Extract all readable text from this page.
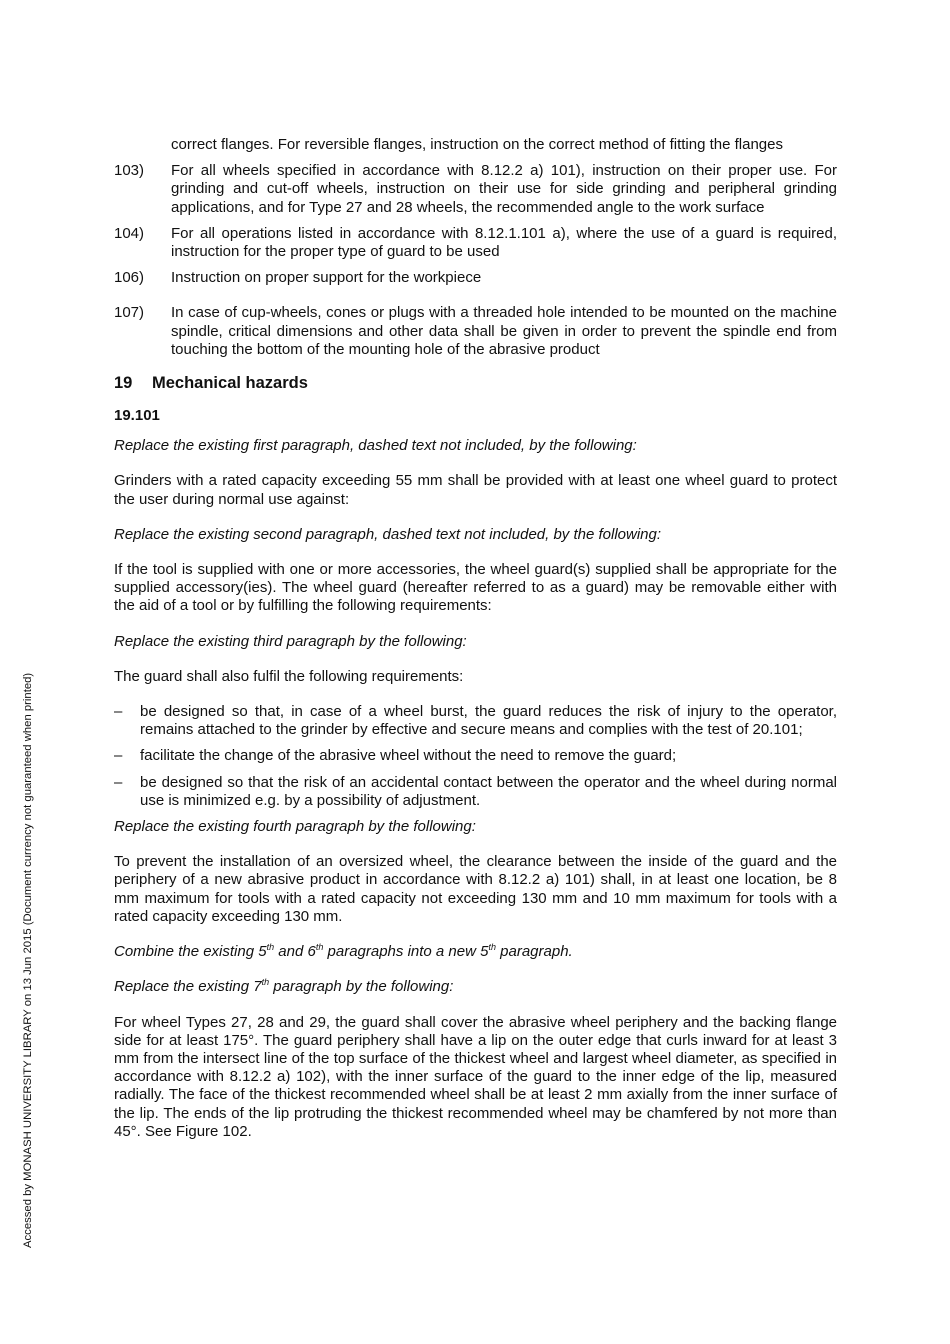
Accessed by MONASH UNIVERSITY LIBRARY on 13 Jun 2015 (Document currency not guaranteed when printed)

correct flanges. For reversible flanges, instruction on the correct method of fitting the flanges

103)	For all wheels specified in accordance with 8.12.2 a) 101), instruction on their proper use. For grinding and cut-off wheels, instruction on their use for side grinding and peripheral grinding applications, and for Type 27 and 28 wheels, the recommended angle to the work surface
104)	For all operations listed in accordance with 8.12.1.101 a), where the use of a guard is required, instruction for the proper type of guard to be used
106)	Instruction on proper support for the workpiece
107)	In case of cup-wheels, cones or plugs with a threaded hole intended to be mounted on the machine spindle, critical dimensions and other data shall be given in order to prevent the spindle end from touching the bottom of the mounting hole of the abrasive product
19 Mechanical hazards

19.101

Replace the existing first paragraph, dashed text not included, by the following:

Grinders with a rated capacity exceeding 55 mm shall be provided with at least one wheel guard to protect the user during normal use against:

Replace the existing second paragraph, dashed text not included, by the following:

If the tool is supplied with one or more accessories, the wheel guard(s) supplied shall be appropriate for the supplied accessory(ies). The wheel guard (hereafter referred to as a guard) may be removable either with the aid of a tool or by fulfilling the following requirements:

Replace the existing third paragraph by the following:

The guard shall also fulfil the following requirements:

–	be designed so that, in case of a wheel burst, the guard reduces the risk of injury to the operator, remains attached to the grinder by effective and secure means and complies with the test of 20.101;
–	facilitate the change of the abrasive wheel without the need to remove the guard;
–	be designed so that the risk of an accidental contact between the operator and the wheel during normal use is minimized e.g. by a possibility of adjustment.

Replace the existing fourth paragraph by the following:

To prevent the installation of an oversized wheel, the clearance between the inside of the guard and the periphery of a new abrasive product in accordance with 8.12.2 a) 101) shall, in at least one location, be 8 mm maximum for tools with a rated capacity not exceeding 130 mm and 10 mm maximum for tools with a rated capacity exceeding 130 mm.

Combine the existing 5th and 6th paragraphs into a new 5th paragraph.

Replace the existing 7th paragraph by the following:

For wheel Types 27, 28 and 29, the guard shall cover the abrasive wheel periphery and the backing flange side for at least 175°. The guard periphery shall have a lip on the outer edge that curls inward for at least 3 mm from the intersect line of the top surface of the thickest wheel and largest wheel diameter, as specified in accordance with 8.12.2 a) 102), with the inner surface of the guard to the inner edge of the lip, measured radially. The face of the thickest recommended wheel shall be at least 2 mm axially from the inner surface of the lip. The ends of the lip protruding the thickest recommended wheel may be chamfered by not more than 45°. See Figure 102.
